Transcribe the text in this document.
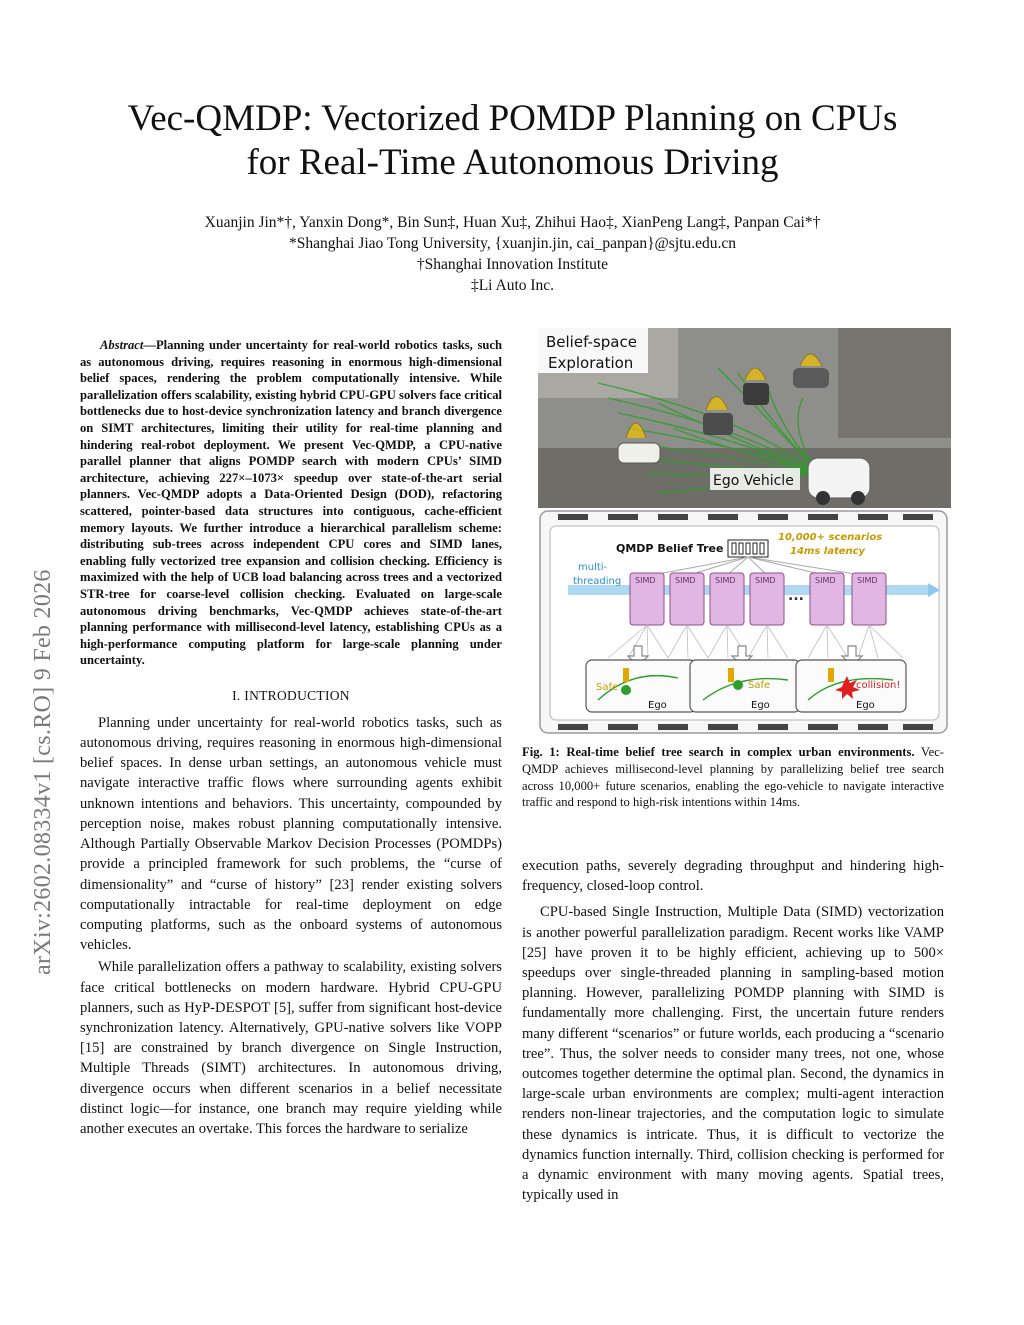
arXiv:2602.08334v1 [cs.RO] 9 Feb 2026
Vec-QMDP: Vectorized POMDP Planning on CPUs
for Real-Time Autonomous Driving
Xuanjin Jin*†, Yanxin Dong*, Bin Sun‡, Huan Xu‡, Zhihui Hao‡, XianPeng Lang‡, Panpan Cai*†
*Shanghai Jiao Tong University, {xuanjin.jin, cai_panpan}@sjtu.edu.cn
†Shanghai Innovation Institute
‡Li Auto Inc.

Abstract—Planning under uncertainty for real-world robotics tasks, such as autonomous driving, requires reasoning in enormous high-dimensional belief spaces, rendering the problem computationally intensive. While parallelization offers scalability, existing hybrid CPU-GPU solvers face critical bottlenecks due to host-device synchronization latency and branch divergence on SIMT architectures, limiting their utility for real-time planning and hindering real-robot deployment. We present Vec-QMDP, a CPU-native parallel planner that aligns POMDP search with modern CPUs’ SIMD architecture, achieving 227×–1073× speedup over state-of-the-art serial planners. Vec-QMDP adopts a Data-Oriented Design (DOD), refactoring scattered, pointer-based data structures into contiguous, cache-efficient memory layouts. We further introduce a hierarchical parallelism scheme: distributing sub-trees across independent CPU cores and SIMD lanes, enabling fully vectorized tree expansion and collision checking. Efficiency is maximized with the help of UCB load balancing across trees and a vectorized STR-tree for coarse-level collision checking. Evaluated on large-scale autonomous driving benchmarks, Vec-QMDP achieves state-of-the-art planning performance with millisecond-level latency, establishing CPUs as a high-performance computing platform for large-scale planning under uncertainty.

I. INTRODUCTION

Planning under uncertainty for real-world robotics tasks, such as autonomous driving, requires reasoning in enormous high-dimensional belief spaces. In dense urban settings, an autonomous vehicle must navigate interactive traffic flows where surrounding agents exhibit unknown intentions and behaviors. This uncertainty, compounded by perception noise, makes robust planning computationally intensive. Although Partially Observable Markov Decision Processes (POMDPs) provide a principled framework for such problems, the “curse of dimensionality” and “curse of history” [23] render existing solvers computationally intractable for real-time deployment on edge computing platforms, such as the onboard systems of autonomous vehicles.

While parallelization offers a pathway to scalability, existing solvers face critical bottlenecks on modern hardware. Hybrid CPU-GPU planners, such as HyP-DESPOT [5], suffer from significant host-device synchronization latency. Alternatively, GPU-native solvers like VOPP [15] are constrained by branch divergence on Single Instruction, Multiple Threads (SIMT) architectures. In autonomous driving, divergence occurs when different scenarios in a belief necessitate distinct logic—for instance, one branch may require yielding while another executes an overtake. This forces the hardware to serialize

Belief-space
Exploration
Ego Vehicle
QMDP Belief Tree
10,000+ scenarios
14ms latency
multi-
threading SIMD SIMD SIMD SIMD
...
SIMD	SIMD
Safe
Ego
Safe
Ego
collision!
Ego
Fig. 1: Real-time belief tree search in complex urban environments. Vec-QMDP achieves millisecond-level planning by parallelizing belief tree search across 10,000+ future scenarios, enabling the ego-vehicle to navigate interactive traffic and respond to high-risk intentions within 14ms.

execution paths, severely degrading throughput and hindering high-frequency, closed-loop control.

CPU-based Single Instruction, Multiple Data (SIMD) vectorization is another powerful parallelization paradigm. Recent works like VAMP [25] have proven it to be highly efficient, achieving up to 500× speedups over single-threaded planning in sampling-based motion planning. However, parallelizing POMDP planning with SIMD is fundamentally more challenging. First, the uncertain future renders many different “scenarios” or future worlds, each producing a “scenario tree”. Thus, the solver needs to consider many trees, not one, whose outcomes together determine the optimal plan. Second, the dynamics in large-scale urban environments are complex; multi-agent interaction renders non-linear trajectories, and the computation logic to simulate these dynamics is intricate. Thus, it is difficult to vectorize the dynamics function internally. Third, collision checking is performed for a dynamic environment with many moving agents. Spatial trees, typically used in
